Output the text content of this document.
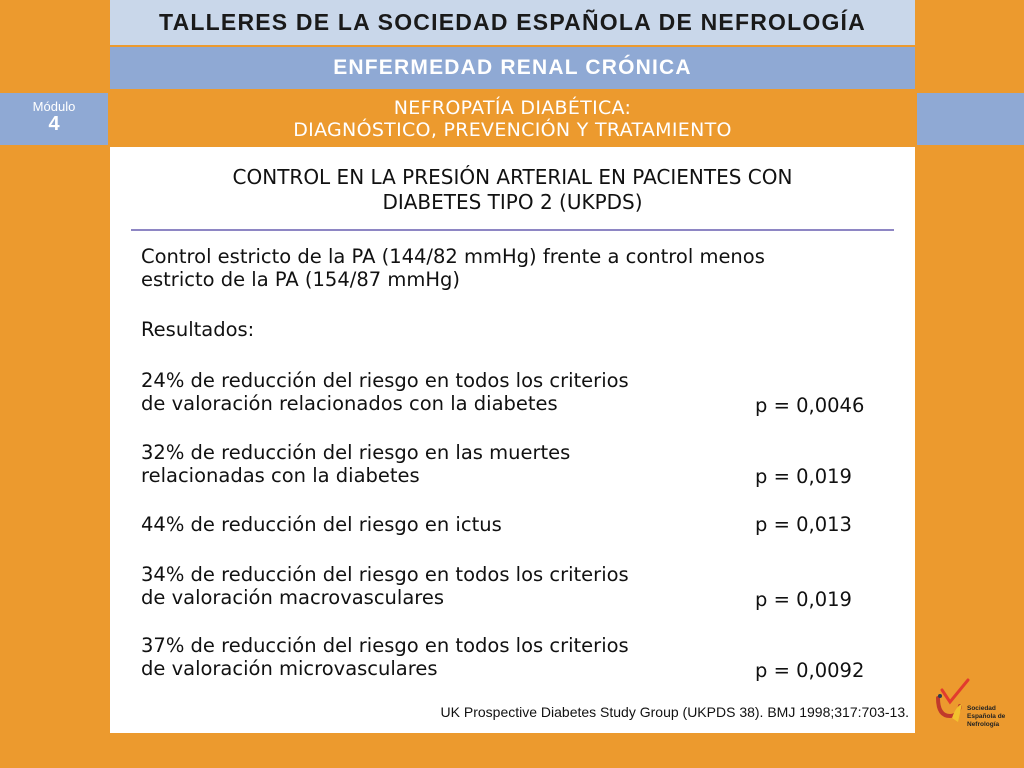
TALLERES DE LA SOCIEDAD ESPAÑOLA DE NEFROLOGÍA
ENFERMEDAD RENAL CRÓNICA
Módulo
4
NEFROPATÍA DIABÉTICA:
DIAGNÓSTICO, PREVENCIÓN Y TRATAMIENTO
CONTROL EN LA PRESIÓN ARTERIAL EN PACIENTES CON
DIABETES TIPO 2 (UKPDS)
Control estricto de la PA (144/82 mmHg) frente a control menos
estricto de la PA (154/87 mmHg)
Resultados:
24% de reducción del riesgo en todos los criterios
de valoración relacionados con la diabetes	p = 0,0046
32% de reducción del riesgo en las muertes
relacionadas con la diabetes	p = 0,019
44% de reducción del riesgo en ictus	p = 0,013
34% de reducción del riesgo en todos los criterios
de valoración macrovasculares	p = 0,019
37% de reducción del riesgo en todos los criterios
de valoración microvasculares	p = 0,0092
UK Prospective Diabetes Study Group (UKPDS 38). BMJ 1998;317:703-13.	Sociedad
Española de
Nefrología
